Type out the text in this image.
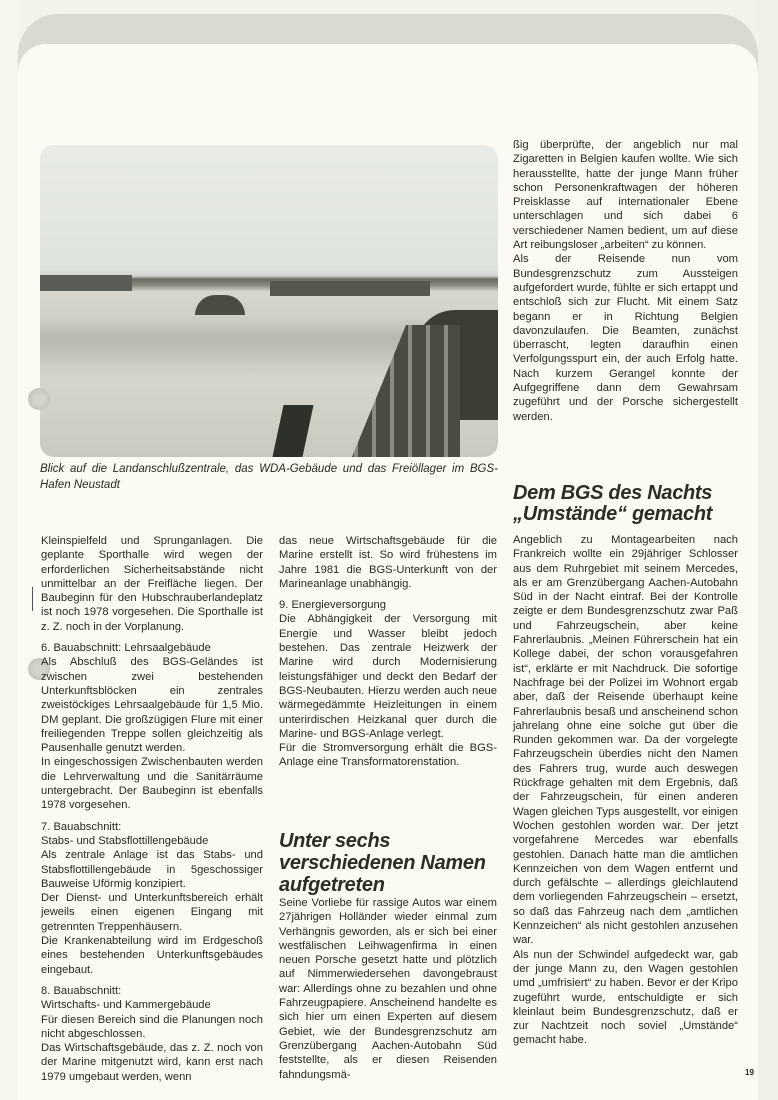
Blick auf die Landanschlußzentrale, das WDA-Gebäude und das Freiöllager im BGS-Hafen Neustadt

Kleinspielfeld und Sprunganlagen. Die geplante Sporthalle wird wegen der erforderlichen Sicherheitsabstände nicht unmittelbar an der Freifläche liegen. Der Baubeginn für den Hubschrauberlandeplatz ist noch 1978 vorgesehen. Die Sporthalle ist z. Z. noch in der Vorplanung.

6. Bauabschnitt: Lehrsaalgebäude

Als Abschluß des BGS-Geländes ist zwischen zwei bestehenden Unterkunftsblöcken ein zentrales zweistöckiges Lehrsaalgebäude für 1,5 Mio. DM geplant. Die großzügigen Flure mit einer freiliegenden Treppe sollen gleichzeitig als Pausenhalle genutzt werden.

In eingeschossigen Zwischenbauten werden die Lehrverwaltung und die Sanitärräume untergebracht. Der Baubeginn ist ebenfalls 1978 vorgesehen.

7. Bauabschnitt:

Stabs- und Stabsflottillengebäude

Als zentrale Anlage ist das Stabs- und Stabsflottillengebäude in 5geschossiger Bauweise Uförmig konzipiert.

Der Dienst- und Unterkunftsbereich erhält jeweils einen eigenen Eingang mit getrennten Treppenhäusern.

Die Krankenabteilung wird im Erdgeschoß eines bestehenden Unterkunftsgebäudes eingebaut.

8. Bauabschnitt:

Wirtschafts- und Kammergebäude

Für diesen Bereich sind die Planungen noch nicht abgeschlossen.

Das Wirtschaftsgebäude, das z. Z. noch von der Marine mitgenutzt wird, kann erst nach 1979 umgebaut werden, wenn

das neue Wirtschaftsgebäude für die Marine erstellt ist. So wird frühestens im Jahre 1981 die BGS-Unterkunft von der Marineanlage unabhängig.

9. Energieversorgung

Die Abhängigkeit der Versorgung mit Energie und Wasser bleibt jedoch bestehen. Das zentrale Heizwerk der Marine wird durch Modernisierung leistungsfähiger und deckt den Bedarf der BGS-Neubauten. Hierzu werden auch neue wärmegedämmte Heizleitungen in einem unterirdischen Heizkanal quer durch die Marine- und BGS-Anlage verlegt.

Für die Stromversorgung erhält die BGS-Anlage eine Transformatorenstation.

Unter sechs verschiedenen Namen aufgetreten

Seine Vorliebe für rassige Autos war einem 27jährigen Holländer wieder einmal zum Verhängnis geworden, als er sich bei einer westfälischen Leihwagenfirma in einen neuen Porsche gesetzt hatte und plötzlich auf Nimmerwiedersehen davongebraust war: Allerdings ohne zu bezahlen und ohne Fahrzeugpapiere. Anscheinend handelte es sich hier um einen Experten auf diesem Gebiet, wie der Bundesgrenzschutz am Grenzübergang Aachen-Autobahn Süd feststellte, als er diesen Reisenden fahndungsmä-

ßig überprüfte, der angeblich nur mal Zigaretten in Belgien kaufen wollte. Wie sich herausstellte, hatte der junge Mann früher schon Personenkraftwagen der höheren Preisklasse auf internationaler Ebene unterschlagen und sich dabei 6 verschiedener Namen bedient, um auf diese Art reibungsloser „arbeiten“ zu können.

Als der Reisende nun vom Bundesgrenzschutz zum Aussteigen aufgefordert wurde, fühlte er sich ertappt und entschloß sich zur Flucht. Mit einem Satz begann er in Richtung Belgien davonzulaufen. Die Beamten, zunächst überrascht, legten daraufhin einen Verfolgungsspurt ein, der auch Erfolg hatte. Nach kurzem Gerangel konnte der Aufgegriffene dann dem Gewahrsam zugeführt und der Porsche sichergestellt werden.

Dem BGS des Nachts „Umstände“ gemacht

Angeblich zu Montagearbeiten nach Frankreich wollte ein 29jähriger Schlosser aus dem Ruhrgebiet mit seinem Mercedes, als er am Grenzübergang Aachen-Autobahn Süd in der Nacht eintraf. Bei der Kontrolle zeigte er dem Bundesgrenzschutz zwar Paß und Fahrzeugschein, aber keine Fahrerlaubnis. „Meinen Führerschein hat ein Kollege dabei, der schon vorausgefahren ist“, erklärte er mit Nachdruck. Die sofortige Nachfrage bei der Polizei im Wohnort ergab aber, daß der Reisende überhaupt keine Fahrerlaubnis besaß und anscheinend schon jahrelang ohne eine solche gut über die Runden gekommen war. Da der vorgelegte Fahrzeugschein überdies nicht den Namen des Fahrers trug, wurde auch deswegen Rückfrage gehalten mit dem Ergebnis, daß der Fahrzeugschein, für einen anderen Wagen gleichen Typs ausgestellt, vor einigen Wochen gestohlen worden war. Der jetzt vorgefahrene Mercedes war ebenfalls gestohlen. Danach hatte man die amtlichen Kennzeichen von dem Wagen entfernt und durch gefälschte – allerdings gleichlautend dem vorliegenden Fahrzeugschein – ersetzt, so daß das Fahrzeug nach dem „amtlichen Kennzeichen“ als nicht gestohlen anzusehen war.

Als nun der Schwindel aufgedeckt war, gab der junge Mann zu, den Wagen gestohlen umd „umfrisiert“ zu haben. Bevor er der Kripo zugeführt wurde, entschuldigte er sich kleinlaut beim Bundesgrenzschutz, daß er zur Nachtzeit noch soviel „Umstände“ gemacht habe.

19
